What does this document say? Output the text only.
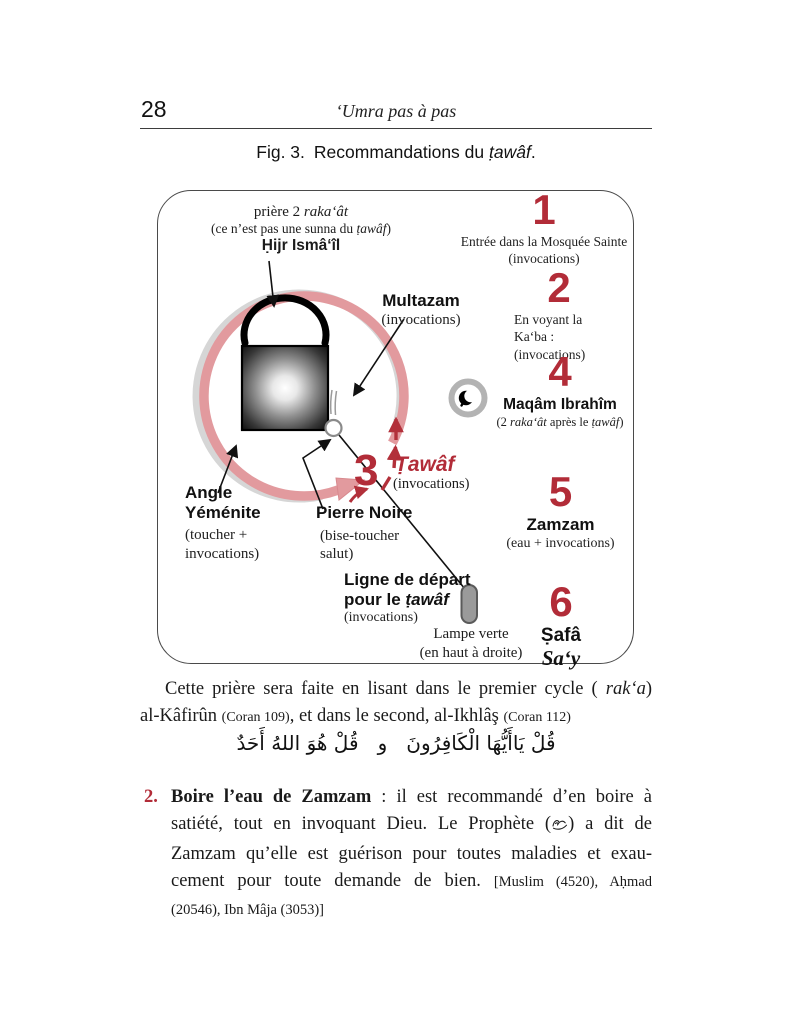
28	‘Umra pas à pas
Fig. 3. Recommandations du ṭawâf.
prière 2 raka‘ât
(ce n’est pas une sunna du ṭawâf)
Ḥijr Ismâ‘îl
Multazam
(invocations)
1
Entrée dans la Mosquée Sainte
(invocations)
2
En voyant la Ka‘ba :
(invocations)
4
Maqâm Ibrahîm
(2 raka‘ât après le ṭawâf)
3 Ṭawâf
(invocations)	5
Zamzam
(eau + invocations)
6
Ṣafâ
Sa‘y
Angle
Yéménite
(toucher +
invocations)
Pierre Noire
(bise-toucher
salut)
Ligne de départ
pour le ṭawâf
(invocations)
Lampe verte
(en haut à droite)
Cette prière sera faite en lisant dans le premier cycle ( rak‘a)
al-Kâfirûn (Coran 109), et dans le second, al-Ikhlâş (Coran 112)
قُلْ يَاأَيُّهَا الْكَافِرُونَ   و   قُلْ هُوَ اللهُ أَحَدٌ
2. Boire l’eau de Zamzam : il est recommandé d’en boire à
satiété, tout en invoquant Dieu. Le Prophète ( ) a dit de
Zamzam qu’elle est guérison pour toutes maladies et exau-
cement pour toute demande de bien. [Muslim (4520), Aḥmad
(20546), Ibn Mâja (3053)]
